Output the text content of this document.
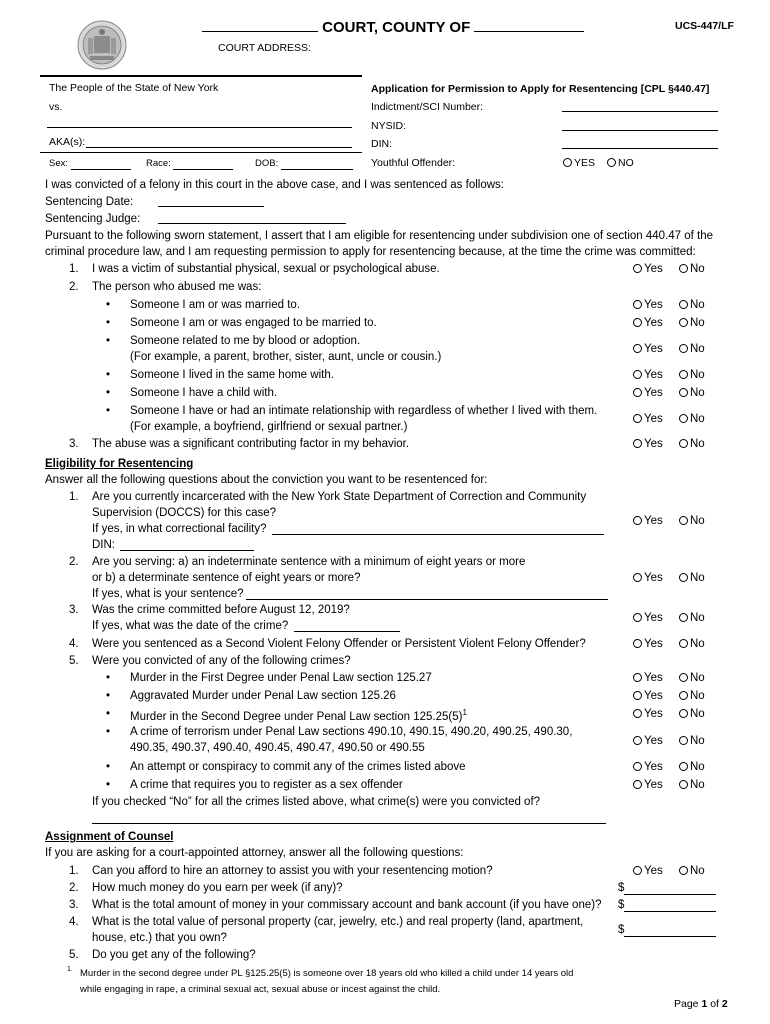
COURT, COUNTY OF	UCS-447/LF
COURT ADDRESS:
The People of the State of New York
vs.
AKA(s):
Sex:	Race:	DOB:
Application for Permission to Apply for Resentencing [CPL §440.47]
Indictment/SCI Number:
NYSID:
DIN:
Youthful Offender:	YES	NO
I was convicted of a felony in this court in the above case, and I was sentenced as follows:
Sentencing Date:
Sentencing Judge:
Pursuant to the following sworn statement, I assert that I am eligible for resentencing under subdivision one of section 440.47 of the
criminal procedure law, and I am requesting permission to apply for resentencing because, at the time the crime was committed:
1. I was a victim of substantial physical, sexual or psychological abuse.	Yes	No
2. The person who abused me was:
• Someone I am or was married to.	Yes	No
• Someone I am or was engaged to be married to.	Yes	No
• Someone related to me by blood or adoption.
(For example, a parent, brother, sister, aunt, uncle or cousin.)
Yes	No
• Someone I lived in the same home with.	Yes	No
• Someone I have a child with.	Yes	No
• Someone I have or had an intimate relationship with regardless of whether I lived with them.
(For example, a boyfriend, girlfriend or sexual partner.)
Yes	No
3. The abuse was a significant contributing factor in my behavior.	Yes	No
Eligibility for Resentencing
Answer all the following questions about the conviction you want to be resentenced for:
1. Are you currently incarcerated with the New York State Department of Correction and Community
Supervision (DOCCS) for this case?
If yes, in what correctional facility?
DIN:
Yes	No
2. Are you serving: a) an indeterminate sentence with a minimum of eight years or more
or b) a determinate sentence of eight years or more?
If yes, what is your sentence?
Yes	No
3. Was the crime committed before August 12, 2019?
If yes, what was the date of the crime?
Yes	No
4. Were you sentenced as a Second Violent Felony Offender or Persistent Violent Felony Offender?	Yes	No
5. Were you convicted of any of the following crimes?
• Murder in the First Degree under Penal Law section 125.27	Yes	No
• Aggravated Murder under Penal Law section 125.26	Yes	No
• Murder in the Second Degree under Penal Law section $125.25(5)^1$	Yes	No
• A crime of terrorism under Penal Law sections 490.10, 490.15, 490.20, 490.25, 490.30,
490.35, 490.37, 490.40, 490.45, 490.47, 490.50 or 490.55
Yes	No
• An attempt or conspiracy to commit any of the crimes listed above	Yes	No
• A crime that requires you to register as a sex offender	Yes	No
If you checked “No” for all the crimes listed above, what crime(s) were you convicted of?
Assignment of Counsel
If you are asking for a court-appointed attorney, answer all the following questions:
1. Can you afford to hire an attorney to assist you with your resentencing motion?	Yes	No
2. How much money do you earn per week (if any)?	$
3. What is the total amount of money in your commissary account and bank account (if you have one)? $
4. What is the total value of personal property (car, jewelry, etc.) and real property (land, apartment,
house, etc.) that you own?
$
5. Do you get any of the following?
1. Murder in the second degree under PL §125.25(5) is someone over 18 years old who killed a child under 14 years old
while engaging in rape, a criminal sexual act, sexual abuse or incest against the child.
Page 1 of 2
